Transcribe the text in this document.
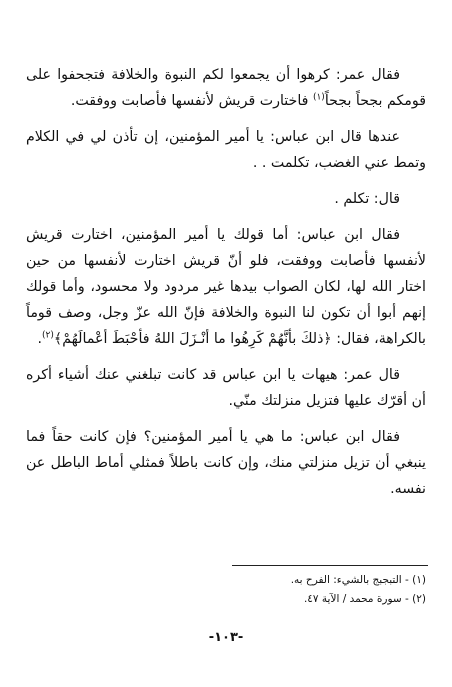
فقال عمر: كرهوا أن يجمعوا لكم النبوة والخلافة فتجحفوا على قومكم بجحاً بجحاً$^{(١)}$ فاختارت قريش لأنفسها فأصابت ووفقت.

عندها قال ابن عباس: يا أمير المؤمنين، إن تأذن لي في الكلام وتمط عني الغضب، تكلمت . .

قال: تكلم .

فقال ابن عباس: أما قولك يا أمير المؤمنين، اختارت قريش لأنفسها فأصابت ووفقت، فلو أنّ قريش اختارت لأنفسها من حين اختار الله لها، لكان الصواب بيدها غير مردود ولا محسود، وأما قولك إنهم أبوا أن تكون لنا النبوة والخلافة فإنّ الله عزّ وجل، وصف قوماً بالكراهة، فقال: ﴿ذلكَ بأنَّهُمْ كَرِهُوا ما أنْـزَلَ اللهُ فأحْبَطَ أعْمالَهُمْ﴾$^{(٢)}$.

قال عمر: هيهات يا ابن عباس قد كانت تبلغني عنك أشياء أكره أن أقرّك عليها فتزيل منزلتك منّي.

فقال ابن عباس: ما هي يا أمير المؤمنين؟ فإن كانت حقاً فما ينبغي أن تزيل منزلتي منك، وإن كانت باطلاً فمثلي أماط الباطل عن نفسه.

(١) - التبجبج بالشيء: الفرح به.

(٢) - سورة محمد / الآية ٤٧.

-١٠٣-
